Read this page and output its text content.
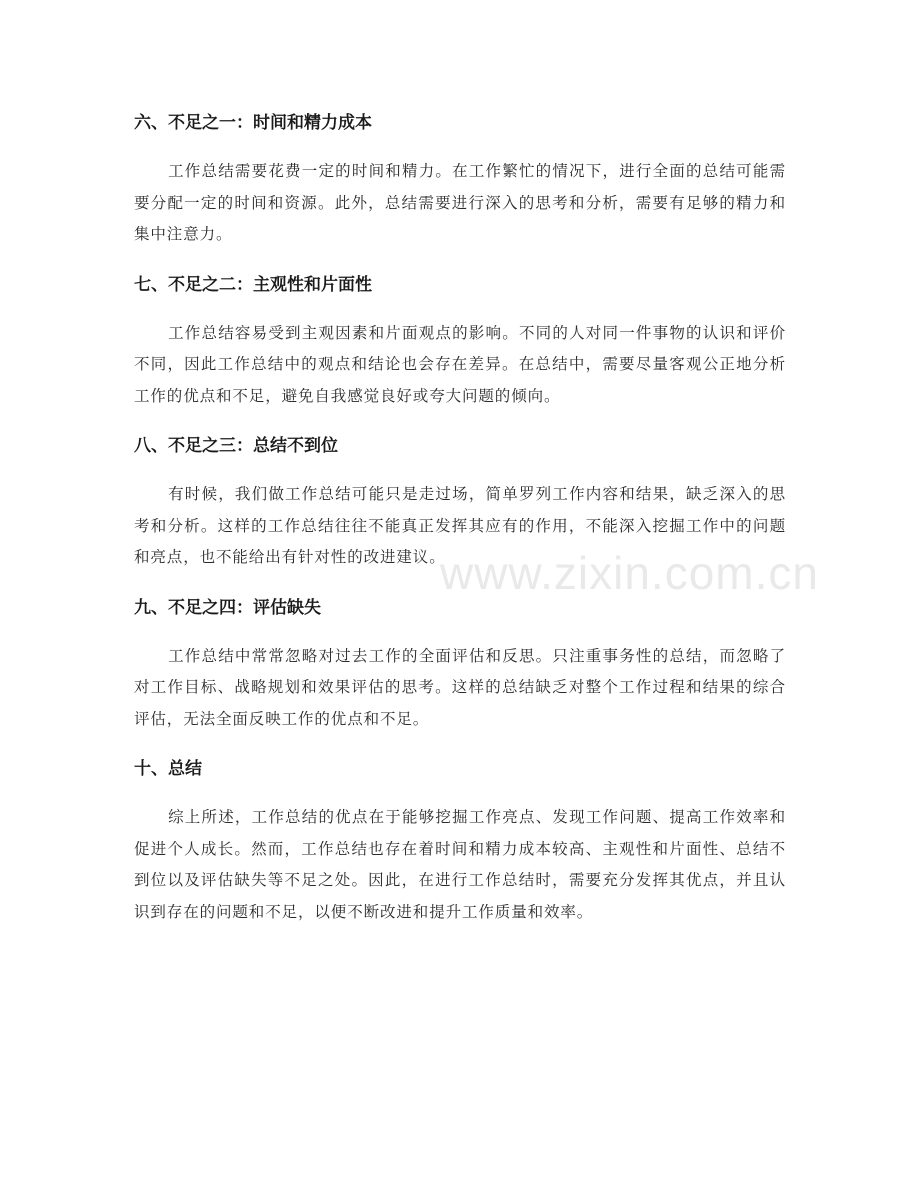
六、不足之一：时间和精力成本

工作总结需要花费一定的时间和精力。在工作繁忙的情况下，进行全面的总结可能需要分配一定的时间和资源。此外，总结需要进行深入的思考和分析，需要有足够的精力和集中注意力。

七、不足之二：主观性和片面性

工作总结容易受到主观因素和片面观点的影响。不同的人对同一件事物的认识和评价不同，因此工作总结中的观点和结论也会存在差异。在总结中，需要尽量客观公正地分析工作的优点和不足，避免自我感觉良好或夸大问题的倾向。

八、不足之三：总结不到位

有时候，我们做工作总结可能只是走过场，简单罗列工作内容和结果，缺乏深入的思考和分析。这样的工作总结往往不能真正发挥其应有的作用，不能深入挖掘工作中的问题和亮点，也不能给出有针对性的改进建议。

九、不足之四：评估缺失

工作总结中常常忽略对过去工作的全面评估和反思。只注重事务性的总结，而忽略了对工作目标、战略规划和效果评估的思考。这样的总结缺乏对整个工作过程和结果的综合评估，无法全面反映工作的优点和不足。

十、总结

综上所述，工作总结的优点在于能够挖掘工作亮点、发现工作问题、提高工作效率和促进个人成长。然而，工作总结也存在着时间和精力成本较高、主观性和片面性、总结不到位以及评估缺失等不足之处。因此，在进行工作总结时，需要充分发挥其优点，并且认识到存在的问题和不足，以便不断改进和提升工作质量和效率。

www.zixin.com.cn
